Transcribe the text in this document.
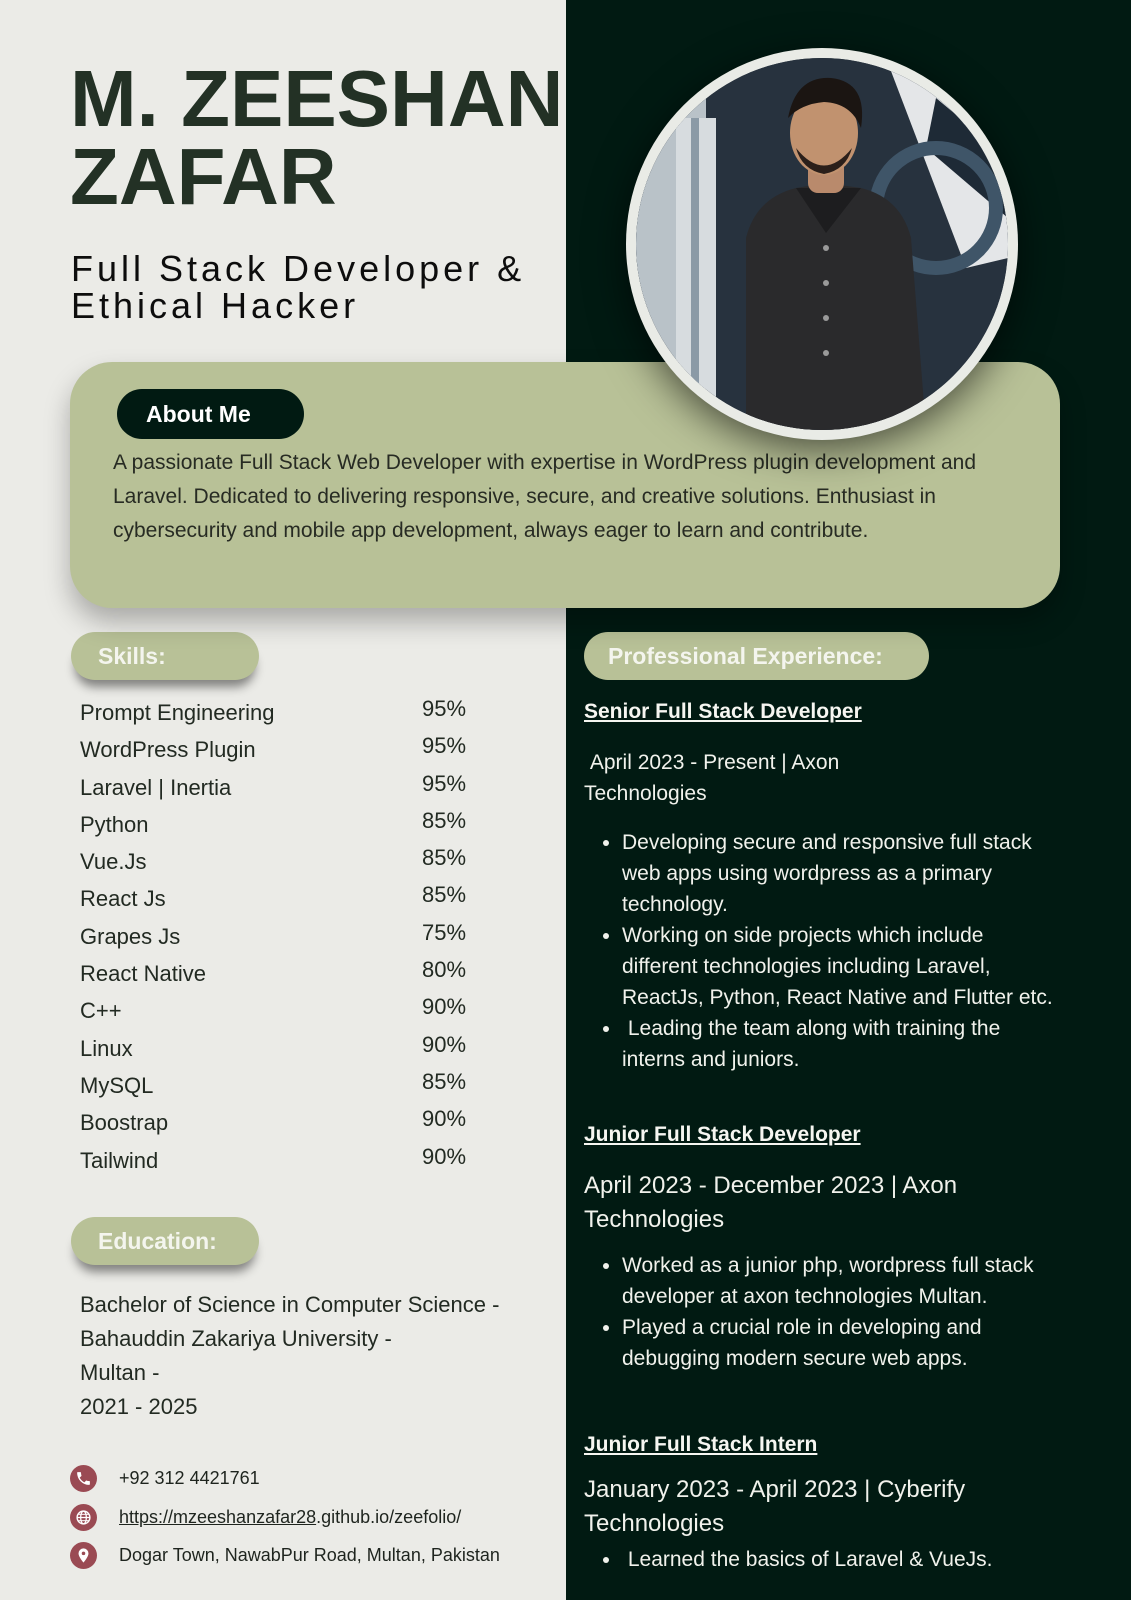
M. ZEESHAN
ZAFAR
Full Stack Developer &
Ethical Hacker
About Me

A passionate Full Stack Web Developer with expertise in WordPress plugin development and Laravel. Dedicated to delivering responsive, secure, and creative solutions. Enthusiast in cybersecurity and mobile app development, always eager to learn and contribute.

Skills:
Prompt Engineering	95%
WordPress Plugin	95%
Laravel | Inertia	95%
Python	85%
Vue.Js	85%
React Js	85%
Grapes Js	75%
React Native	80%
C++	90%
Linux	90%
MySQL	85%
Boostrap	90%
Tailwind	90%
Education:

Bachelor of Science in Computer Science -
Bahauddin Zakariya University -
Multan -
2021 - 2025

+92 312 4421761
https://mzeeshanzafar28.github.io/zeefolio/
Dogar Town, NawabPur Road, Multan, Pakistan
Professional Experience:

Senior Full Stack Developer

April 2023 - Present | Axon Technologies

• Developing secure and responsive full stack web apps using wordpress as a primary technology.
• Working on side projects which include different technologies including Laravel, ReactJs, Python, React Native and Flutter etc.
•  Leading the team along with training the interns and juniors.

Junior Full Stack Developer

April 2023 - December 2023 | Axon Technologies

• Worked as a junior php, wordpress full stack developer at axon technologies Multan.
• Played a crucial role in developing and debugging modern secure web apps.

Junior Full Stack Intern

January 2023 - April 2023 | Cyberify Technologies

•  Learned the basics of Laravel & VueJs.
